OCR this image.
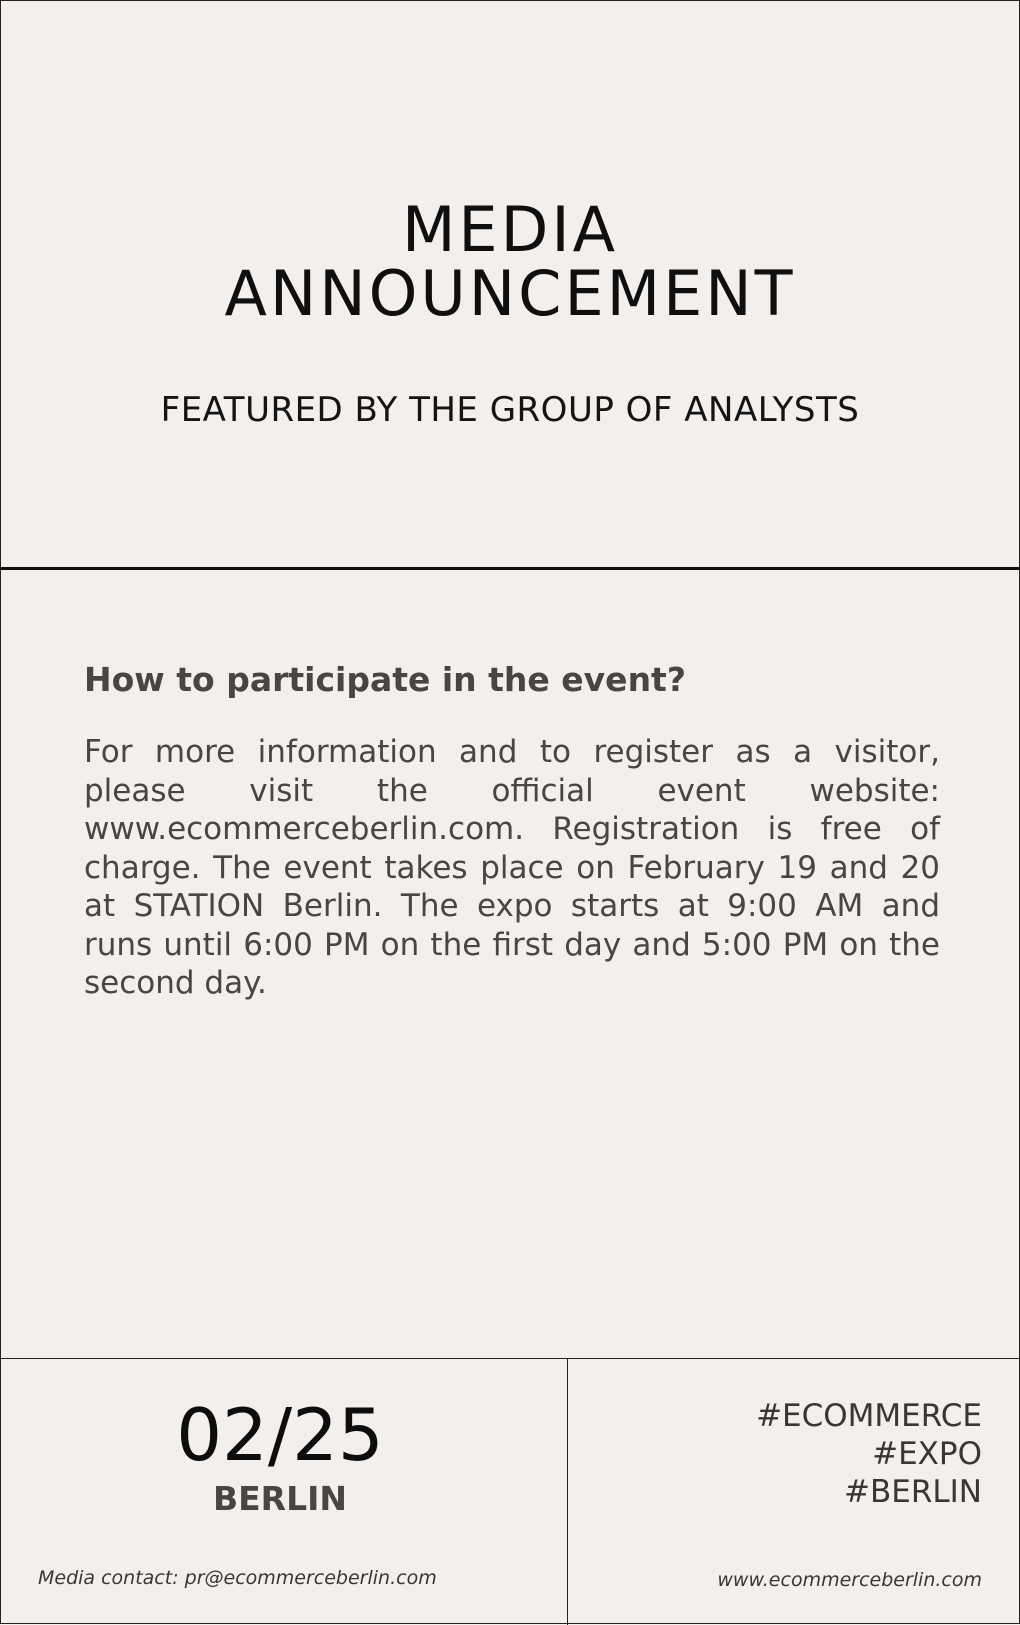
MEDIA
ANNOUNCEMENT
FEATURED BY THE GROUP OF ANALYSTS
How to participate in the event?

For more information and to register as a visitor, please visit the official event website: www.ecommerceberlin.com. Registration is free of charge. The event takes place on February 19 and 20 at STATION Berlin. The expo starts at 9:00 AM and runs until 6:00 PM on the first day and 5:00 PM on the second day.

02/25
BERLIN
Media contact: pr@ecommerceberlin.com
#ECOMMERCE
#EXPO
#BERLIN
www.ecommerceberlin.com
